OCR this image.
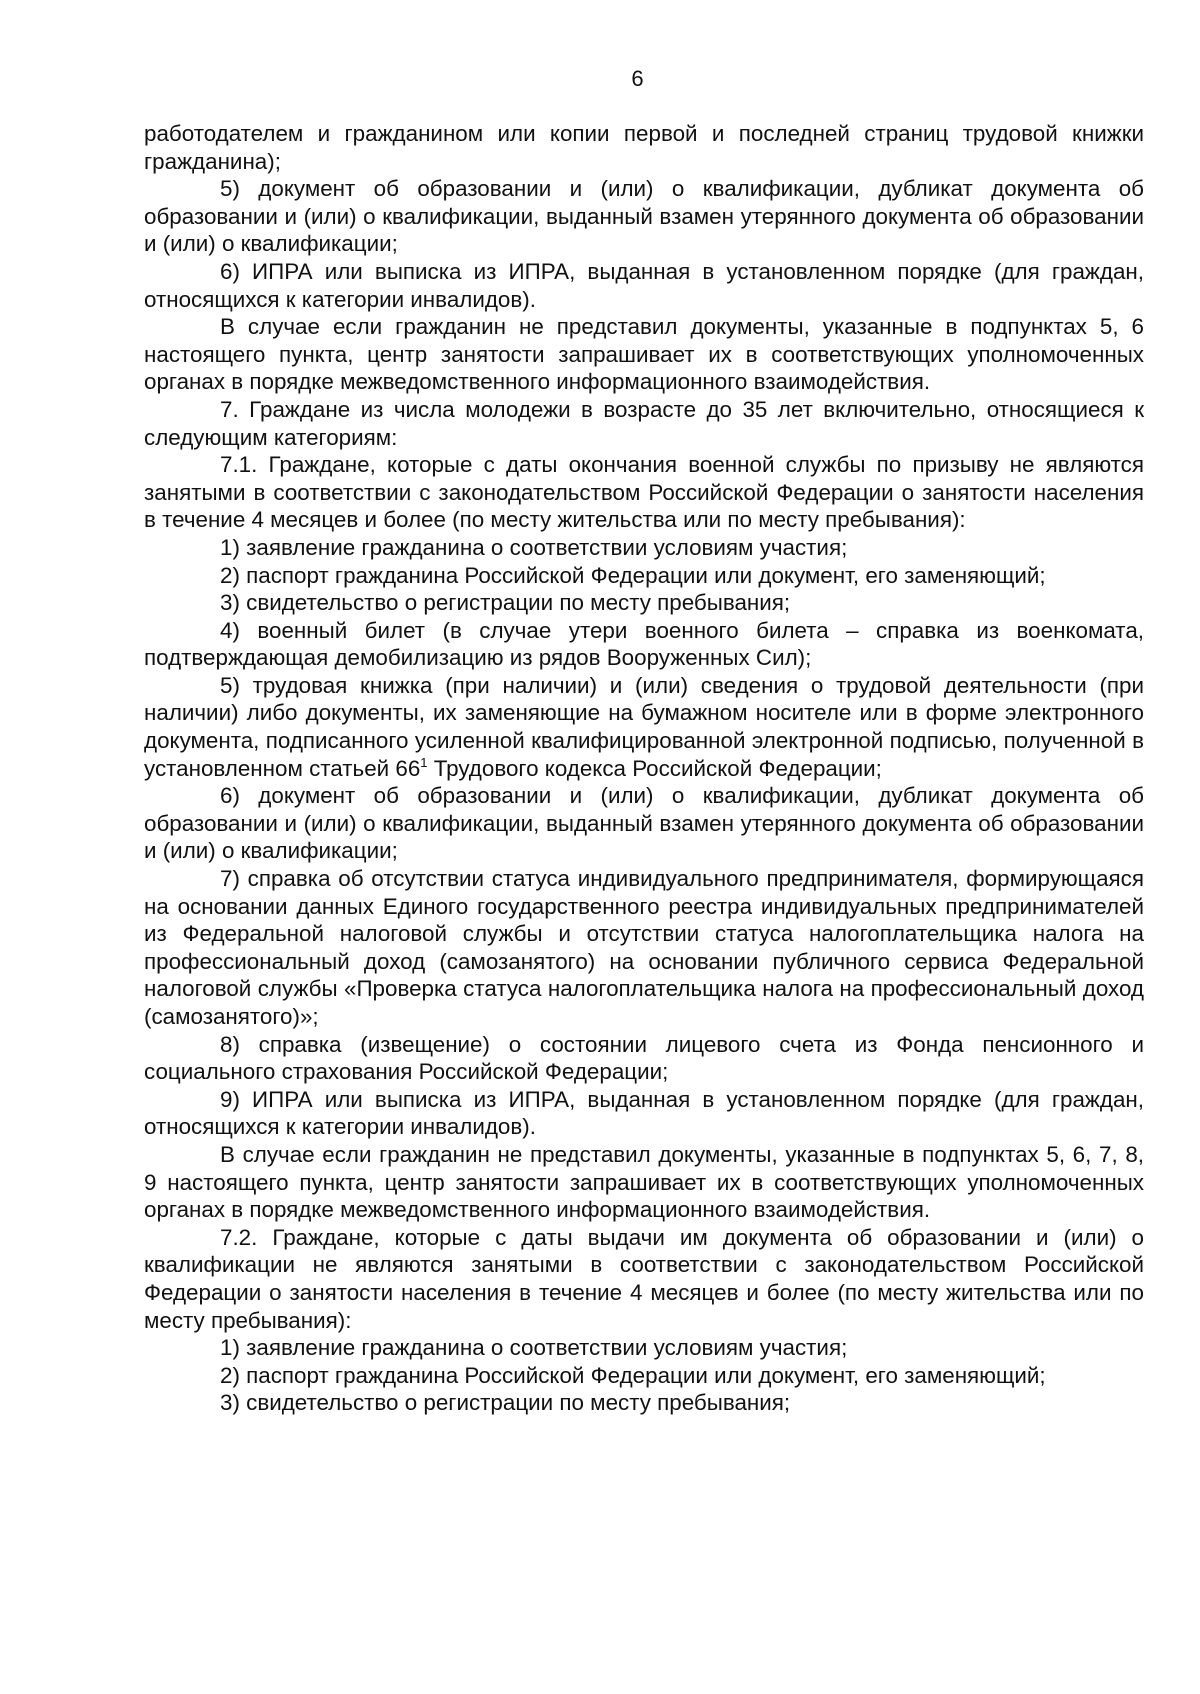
6

работодателем и гражданином или копии первой и последней страниц трудовой книжки гражданина);

5) документ об образовании и (или) о квалификации, дубликат документа об образовании и (или) о квалификации, выданный взамен утерянного документа об образовании и (или) о квалификации;

6) ИПРА или выписка из ИПРА, выданная в установленном порядке (для граждан, относящихся к категории инвалидов).

В случае если гражданин не представил документы, указанные в подпунктах 5, 6 настоящего пункта, центр занятости запрашивает их в соответствующих уполномоченных органах в порядке межведомственного информационного взаимодействия.

7. Граждане из числа молодежи в возрасте до 35 лет включительно, относящиеся к следующим категориям:

7.1. Граждане, которые с даты окончания военной службы по призыву не являются занятыми в соответствии с законодательством Российской Федерации о занятости населения в течение 4 месяцев и более (по месту жительства или по месту пребывания):

1) заявление гражданина о соответствии условиям участия;

2) паспорт гражданина Российской Федерации или документ, его заменяющий;

3) свидетельство о регистрации по месту пребывания;

4) военный билет (в случае утери военного билета – справка из военкомата, подтверждающая демобилизацию из рядов Вооруженных Сил);

5) трудовая книжка (при наличии) и (или) сведения о трудовой деятельности (при наличии) либо документы, их заменяющие на бумажном носителе или в форме электронного документа, подписанного усиленной квалифицированной электронной подписью, полученной в установленном статьей $66^1$ Трудового кодекса Российской Федерации;

6) документ об образовании и (или) о квалификации, дубликат документа об образовании и (или) о квалификации, выданный взамен утерянного документа об образовании и (или) о квалификации;

7) справка об отсутствии статуса индивидуального предпринимателя, формирующаяся на основании данных Единого государственного реестра индивидуальных предпринимателей из Федеральной налоговой службы и отсутствии статуса налогоплательщика налога на профессиональный доход (самозанятого) на основании публичного сервиса Федеральной налоговой службы «Проверка статуса налогоплательщика налога на профессиональный доход (самозанятого)»;

8) справка (извещение) о состоянии лицевого счета из Фонда пенсионного и социального страхования Российской Федерации;

9) ИПРА или выписка из ИПРА, выданная в установленном порядке (для граждан, относящихся к категории инвалидов).

В случае если гражданин не представил документы, указанные в подпунктах 5, 6, 7, 8, 9 настоящего пункта, центр занятости запрашивает их в соответствующих уполномоченных органах в порядке межведомственного информационного взаимодействия.

7.2. Граждане, которые с даты выдачи им документа об образовании и (или) о квалификации не являются занятыми в соответствии с законодательством Российской Федерации о занятости населения в течение 4 месяцев и более (по месту жительства или по месту пребывания):

1) заявление гражданина о соответствии условиям участия;

2) паспорт гражданина Российской Федерации или документ, его заменяющий;

3) свидетельство о регистрации по месту пребывания;
